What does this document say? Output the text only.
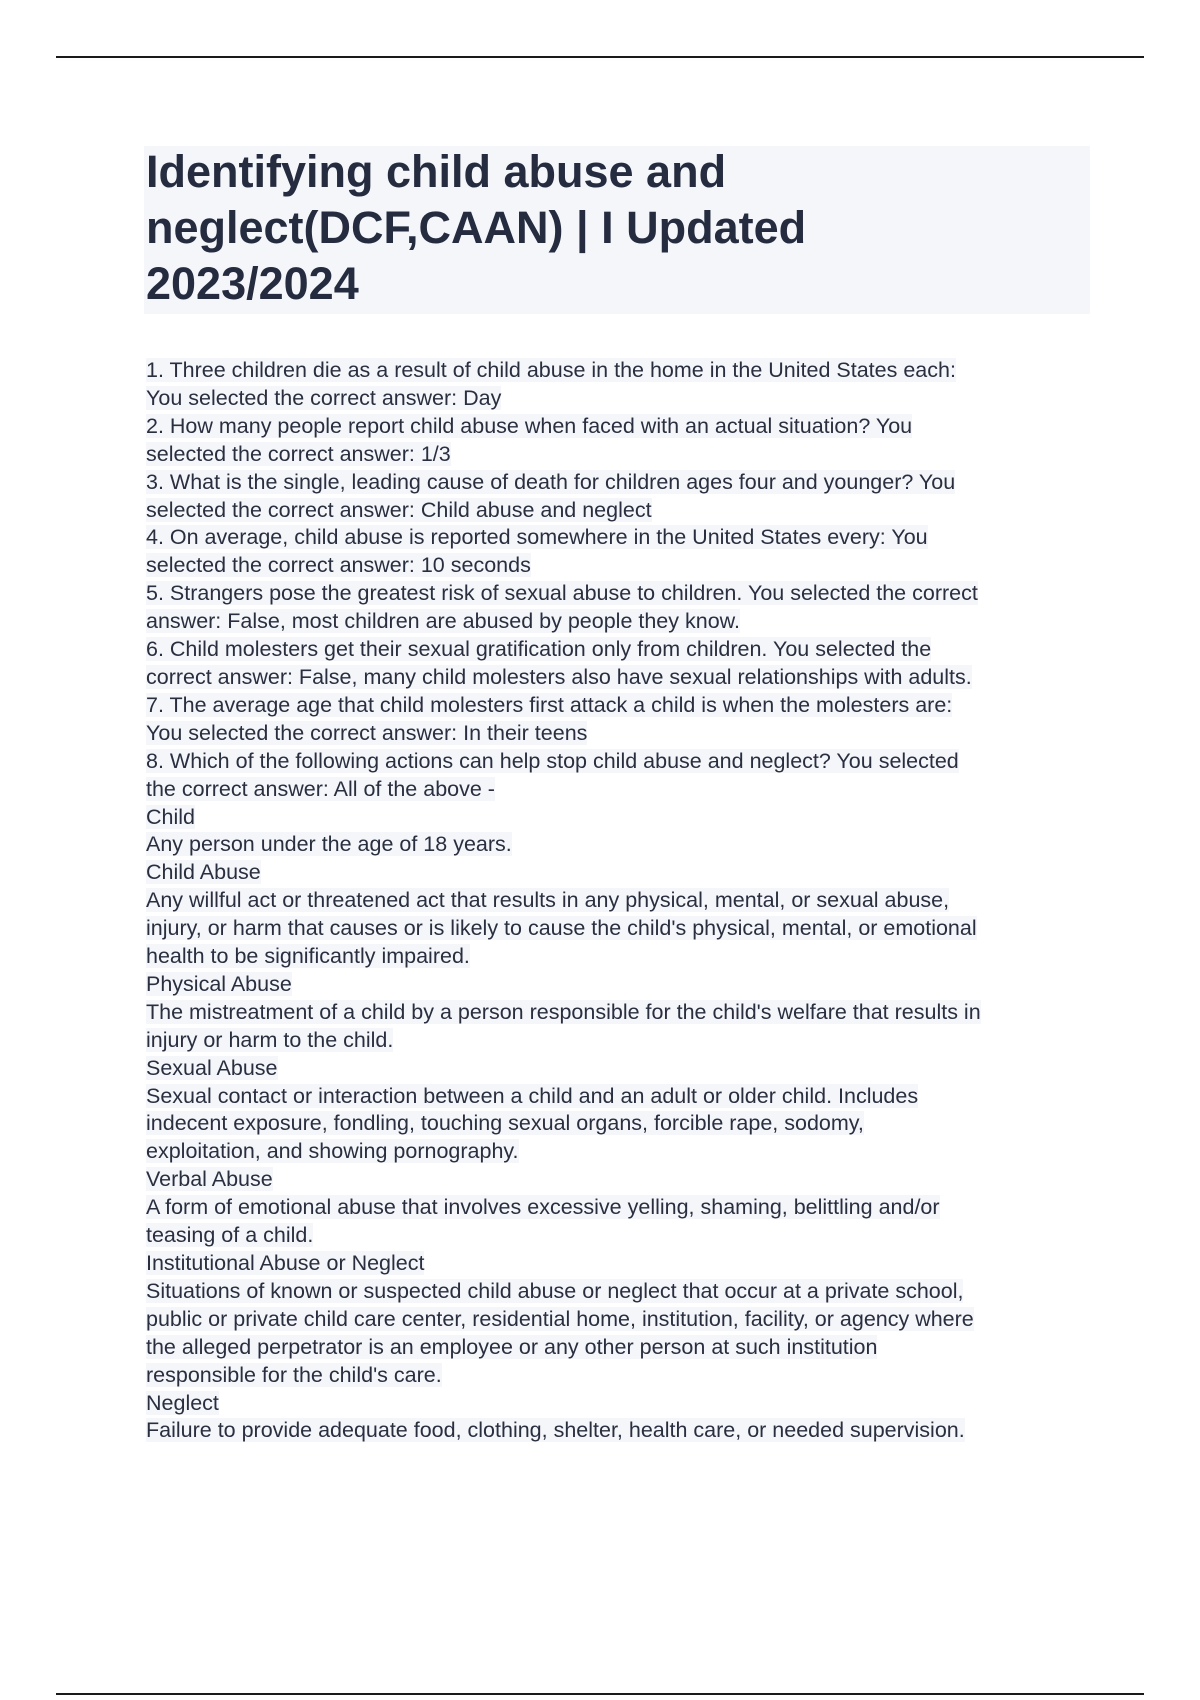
Identifying child abuse and neglect(DCF,CAAN) | I Updated 2023/2024

1. Three children die as a result of child abuse in the home in the United States each:

You selected the correct answer: Day

2. How many people report child abuse when faced with an actual situation? You

selected the correct answer: 1/3

3. What is the single, leading cause of death for children ages four and younger? You

selected the correct answer: Child abuse and neglect

4. On average, child abuse is reported somewhere in the United States every: You

selected the correct answer: 10 seconds

5. Strangers pose the greatest risk of sexual abuse to children. You selected the correct

answer: False, most children are abused by people they know.

6. Child molesters get their sexual gratification only from children. You selected the

correct answer: False, many child molesters also have sexual relationships with adults.

7. The average age that child molesters first attack a child is when the molesters are:

You selected the correct answer: In their teens

8. Which of the following actions can help stop child abuse and neglect? You selected

the correct answer: All of the above -

Child

Any person under the age of 18 years.

Child Abuse

Any willful act or threatened act that results in any physical, mental, or sexual abuse,

injury, or harm that causes or is likely to cause the child's physical, mental, or emotional

health to be significantly impaired.

Physical Abuse

The mistreatment of a child by a person responsible for the child's welfare that results in

injury or harm to the child.

Sexual Abuse

Sexual contact or interaction between a child and an adult or older child. Includes

indecent exposure, fondling, touching sexual organs, forcible rape, sodomy,

exploitation, and showing pornography.

Verbal Abuse

A form of emotional abuse that involves excessive yelling, shaming, belittling and/or

teasing of a child.

Institutional Abuse or Neglect

Situations of known or suspected child abuse or neglect that occur at a private school,

public or private child care center, residential home, institution, facility, or agency where

the alleged perpetrator is an employee or any other person at such institution

responsible for the child's care.

Neglect

Failure to provide adequate food, clothing, shelter, health care, or needed supervision.
